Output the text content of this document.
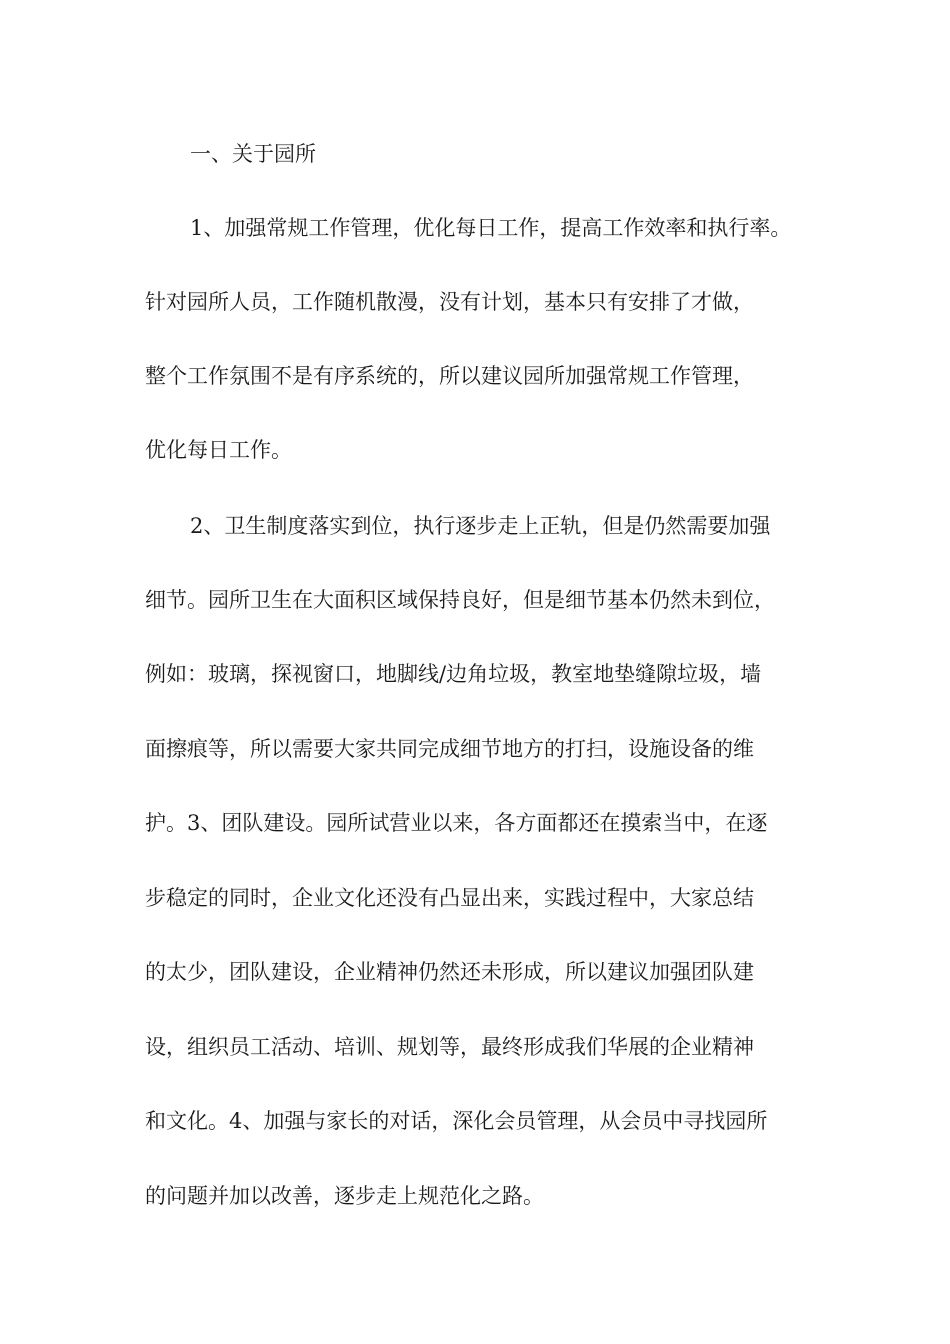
一、关于园所
1、加强常规工作管理，优化每日工作，提高工作效率和执行率。
针对园所人员，工作随机散漫，没有计划，基本只有安排了才做，
整个工作氛围不是有序系统的，所以建议园所加强常规工作管理，
优化每日工作。
2、卫生制度落实到位，执行逐步走上正轨，但是仍然需要加强
细节。园所卫生在大面积区域保持良好，但是细节基本仍然未到位，
例如：玻璃，探视窗口，地脚线/边角垃圾，教室地垫缝隙垃圾，墙
面擦痕等，所以需要大家共同完成细节地方的打扫，设施设备的维
护。3、团队建设。园所试营业以来，各方面都还在摸索当中，在逐
步稳定的同时，企业文化还没有凸显出来，实践过程中，大家总结
的太少，团队建设，企业精神仍然还未形成，所以建议加强团队建
设，组织员工活动、培训、规划等，最终形成我们华展的企业精神
和文化。4、加强与家长的对话，深化会员管理，从会员中寻找园所
的问题并加以改善，逐步走上规范化之路。
